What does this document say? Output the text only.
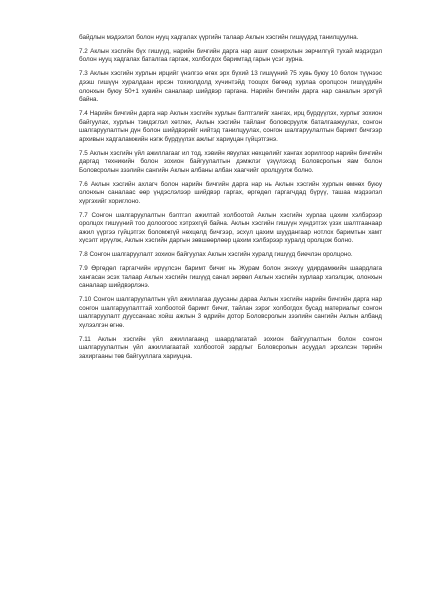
байдлын мэдээлэл болон нууц хадгалах үүргийн талаар Аклын хэсгийн гишүүдэд танилцуулна.

7.2 Аклын хэсгийн бүх гишүүд, нарийн бичгийн дарга нар ашиг сонирхлын зөрчилгүй тухай мэдэгдэл болон нууц хадгалах баталгаа гаргаж, холбогдох баримтад гарын үсэг зурна.

7.3 Аклын хэсгийн хурлын ирцийг үнэлгээ өгөх эрх бүхий 13 гишүүний 75 хувь буюу 10 болон түүнээс дээш гишүүн хуралдаан ирсэн тохиолдолд хүчинтэйд тооцох бөгөөд хурлаа оролцсон гишүүдийн олонхын буюу 50+1 хувийн саналаар шийдвэр гаргана. Нарийн бичгийн дарга нар саналын эрхгүй байна.

7.4 Нарийн бичгийн дарга нар Аклын хэсгийн хурлын бэлтгэлийг хангах, ирц бүрдүүлэх, хурлыг зохион байгуулах, хурлын тэмдэглэл хөтлөх, Аклын хэсгийн тайланг боловсруулж баталгаажуулах, сонгон шалгаруулалтын дүн болон шийдвэрийг нийтэд танилцуулах, сонгон шалгаруулалтын баримт бичгээр архивын хадгаламжийн нэгж бүрдүүлэх ажлыг хариуцан гүйцэтгэнэ.

7.5 Аклын хэсгийн үйл ажиллагааг ил тод, хэвийн явуулах нөхцөлийг хангах зорилгоор нарийн бичгийн даргад техникийн болон зохион байгуулалтын дэмжлэг үзүүлэхэд Боловсролын яам болон Боловсролын зээлийн сангийн Аклын албаны албан хаагчийг оролцуулж болно.

7.6 Аклын хэсгийн ахлагч болон нарийн бичгийн дарга нар нь Аклын хэсгийн хурлын өмнөх буюу олонхын саналаас өөр үндэслэлээр шийдвэр гаргах, өргөдөл гаргагчдад бүрүү, ташаа мэдээлэл хүргэхийг хориглоно.

7.7 Сонгон шалгаруулалтын бэлтгэл ажилтай холбоотой Аклын хэсгийн хурлаа цахим хэлбэрээр оролцох гишүүний тоо долоогоос хэтрэхгүй байна. Аклын хэсгийн гишүүн хүндэтгэх үзэх шалтгаанаар ажил үүргээ гүйцэтгэх боломжгүй нөхцөлд бичгээр, эсхүл цахим шуудангаар нотлох баримтын хамт хүсэлт ирүүлж, Аклын хэсгийн даргын зөвшөөрлөөр цахим хэлбэрээр хуралд оролцож болно.

7.8 Сонгон шалгаруулалт зохион байгуулах Аклын хэсгийн хуралд гишүүд биечлэн оролцоно.

7.9 Өргөдөл гаргагчийн ирүүлсэн баримт бичиг нь Журам болон энэхүү удирдамжийн шаардлага хангасан эсэх талаар Аклын хэсгийн гишүүд санал зөрвөл Аклын хэсгийн хурлаар хэлэлцэж, олонхын саналаар шийдвэрлэнэ.

7.10 Сонгон шалгаруулалтын үйл ажиллагаа дуусаны дараа Аклын хэсгийн нарийн бичгийн дарга нар сонгон шалгаруулалттай холбоотой баримт бичиг, тайлан зэрэг холбогдох бусад материалыг сонгон шалгаруулалт дууссанаас хойш ажлын 3 өдрийн дотор Боловсролын зээлийн сангийн Аклын албанд хүлээлгэн өгнө.

7.11 Аклын хэсгийн үйл ажиллагаанд шаардлагатай зохион байгуулалтын болон сонгон шалгаруулалтын үйл ажиллагаатай холбоотой зардлыг Боловсролын асуудал эрхэлсэн төрийн захиргааны төв байгууллага хариуцна.
